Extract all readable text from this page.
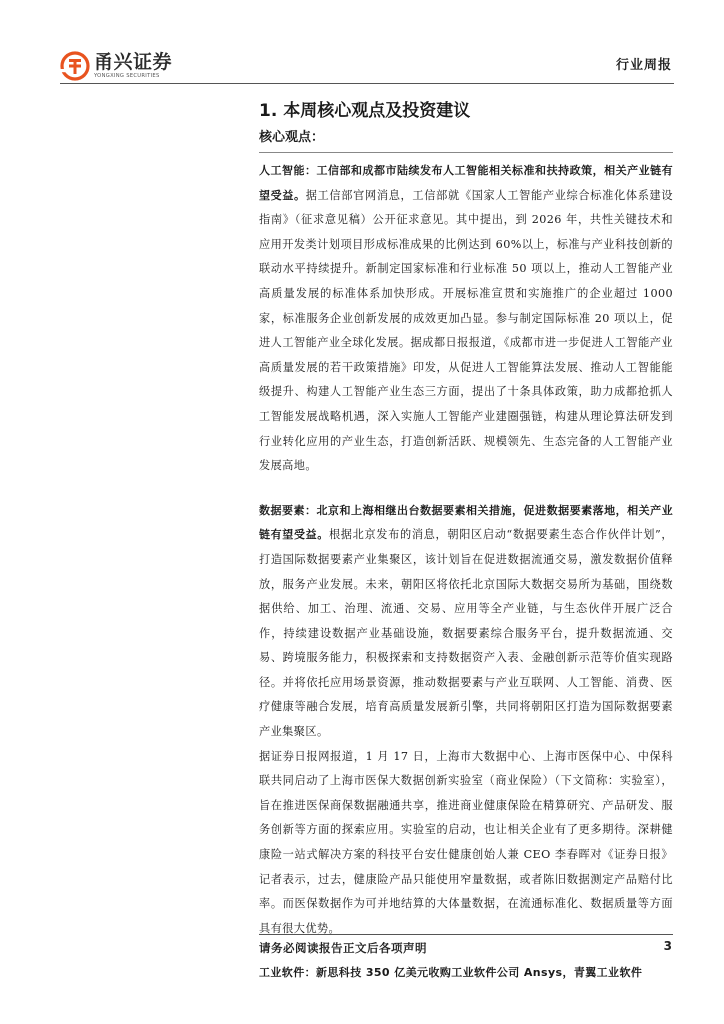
甬兴证券
YONGXING SECURITIES
行业周报
1. 本周核心观点及投资建议
核心观点：

人工智能：工信部和成都市陆续发布人工智能相关标准和扶持政策，相关产业链有望受益。据工信部官网消息，工信部就《国家人工智能产业综合标准化体系建设指南》（征求意见稿）公开征求意见。其中提出，到 2026 年，共性关键技术和应用开发类计划项目形成标准成果的比例达到 60%以上，标准与产业科技创新的联动水平持续提升。新制定国家标准和行业标准 50 项以上，推动人工智能产业高质量发展的标准体系加快形成。开展标准宣贯和实施推广的企业超过 1000 家，标准服务企业创新发展的成效更加凸显。参与制定国际标准 20 项以上，促进人工智能产业全球化发展。据成都日报报道，《成都市进一步促进人工智能产业高质量发展的若干政策措施》印发，从促进人工智能算法发展、推动人工智能能级提升、构建人工智能产业生态三方面，提出了十条具体政策，助力成都抢抓人工智能发展战略机遇，深入实施人工智能产业建圈强链，构建从理论算法研发到行业转化应用的产业生态，打造创新活跃、规模领先、生态完备的人工智能产业发展高地。

数据要素：北京和上海相继出台数据要素相关措施，促进数据要素落地，相关产业链有望受益。根据北京发布的消息，朝阳区启动“数据要素生态合作伙伴计划”，打造国际数据要素产业集聚区，该计划旨在促进数据流通交易，激发数据价值释放，服务产业发展。未来，朝阳区将依托北京国际大数据交易所为基础，围绕数据供给、加工、治理、流通、交易、应用等全产业链，与生态伙伴开展广泛合作，持续建设数据产业基础设施，数据要素综合服务平台，提升数据流通、交易、跨境服务能力，积极探索和支持数据资产入表、金融创新示范等价值实现路径。并将依托应用场景资源，推动数据要素与产业互联网、人工智能、消费、医疗健康等融合发展，培育高质量发展新引擎，共同将朝阳区打造为国际数据要素产业集聚区。

据证券日报网报道，1 月 17 日，上海市大数据中心、上海市医保中心、中保科联共同启动了上海市医保大数据创新实验室（商业保险）（下文简称：实验室），旨在推进医保商保数据融通共享，推进商业健康保险在精算研究、产品研发、服务创新等方面的探索应用。实验室的启动，也让相关企业有了更多期待。深耕健康险一站式解决方案的科技平台安仕健康创始人兼 CEO 李春晖对《证券日报》记者表示，过去，健康险产品只能使用窄量数据，或者陈旧数据测定产品赔付比率。而医保数据作为可并地结算的大体量数据，在流通标准化、数据质量等方面具有很大优势。

工业软件：新思科技 350 亿美元收购工业软件公司 Ansys，青翼工业软件

请务必阅读报告正文后各项声明	3
